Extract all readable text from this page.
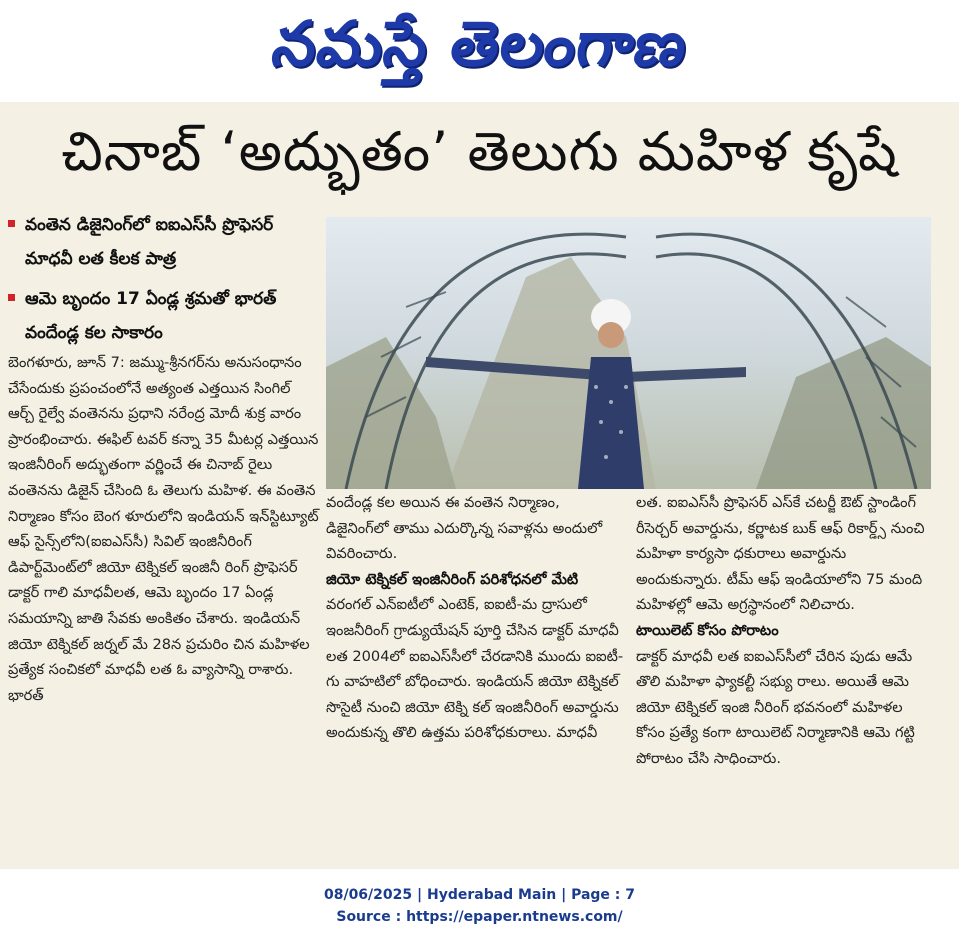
నమస్తే తెలంగాణ
చినాబ్ ‘అద్భుతం’ తెలుగు మహిళ కృషే
వంతెన డిజైనింగ్‌లో ఐఐఎస్‌సీ ప్రొఫెసర్ మాధవీ లత కీలక పాత్ర
ఆమె బృందం 17 ఏండ్ల శ్రమతో భారత్ వందేండ్ల కల సాకారం

బెంగళూరు, జూన్ 7: జమ్ము-శ్రీనగర్‌ను అనుసంధానం చేసేందుకు ప్రపంచంలోనే అత్యంత ఎత్తయిన సింగిల్ ఆర్చ్ రైల్వే వంతెనను ప్రధాని నరేంద్ర మోదీ శుక్ర వారం ప్రారంభించారు. ఈఫిల్ టవర్ కన్నా 35 మీటర్ల ఎత్తయిన ఇంజినీరింగ్ అద్భుతంగా వర్ణించే ఈ చినాబ్ రైలు వంతెనను డిజైన్ చేసింది ఓ తెలుగు మహిళ. ఈ వంతెన నిర్మాణం కోసం బెంగ ళూరులోని ఇండియన్ ఇన్‌స్టిట్యూట్ ఆఫ్ సైన్స్‌లోని(ఐఐఎస్‌సీ) సివిల్ ఇంజినీరింగ్ డిపార్ట్‌మెంట్‌లో జియో టెక్నికల్ ఇంజినీ రింగ్ ప్రొఫెసర్ డాక్టర్ గాలి మాధవీలత, ఆమె బృందం 17 ఏండ్ల సమయాన్ని జాతి సేవకు అంకితం చేశారు. ఇండియన్ జియో టెక్నికల్ జర్నల్ మే 28న ప్రచురిం చిన మహిళల ప్రత్యేక సంచికలో మాధవీ లత ఓ వ్యాసాన్ని రాశారు. భారత్

వందేండ్ల కల అయిన ఈ వంతెన నిర్మాణం, డిజైనింగ్‌లో తాము ఎదుర్కొన్న సవాళ్లను అందులో వివరించారు.

జియో టెక్నికల్ ఇంజినీరింగ్ పరిశోధనలో మేటి

వరంగల్ ఎన్ఐటీలో ఎంటెక్, ఐఐటీ-మ ద్రాసులో ఇంజనీరింగ్ గ్రాడ్యుయేషన్ పూర్తి చేసిన డాక్టర్ మాధవీ లత 2004లో ఐఐఎస్‌సీలో చేరడానికి ముందు ఐఐటీ-గు వాహటిలో బోధించారు. ఇండియన్ జియో టెక్నికల్ సొసైటీ నుంచి జియో టెక్ని కల్ ఇంజినీరింగ్ అవార్డును అందుకున్న తొలి ఉత్తమ పరిశోధకురాలు. మాధవీ

లత. ఐఐఎస్‌సీ ప్రొఫెసర్ ఎస్‌కే చటర్జీ ఔట్ స్టాండింగ్ రీసెర్చర్ అవార్డును, కర్ణాటక బుక్ ఆఫ్ రికార్డ్స్ నుంచి మహిళా కార్యసా ధకురాలు అవార్డును అందుకున్నారు. టీమ్ ఆఫ్ ఇండియాలోని 75 మంది మహిళల్లో ఆమె అగ్రస్థానంలో నిలిచారు.

టాయిలెట్ కోసం పోరాటం

డాక్టర్ మాధవీ లత ఐఐఎస్‌సీలో చేరిన పుడు ఆమే తొలి మహిళా ఫ్యాకల్టీ సభ్యు రాలు. అయితే ఆమె జియో టెక్నికల్ ఇంజి నీరింగ్ భవనంలో మహిళల కోసం ప్రత్యే కంగా టాయిలెట్ నిర్మాణానికి ఆమె గట్టి పోరాటం చేసి సాధించారు.

08/06/2025 | Hyderabad Main | Page : 7
Source : https://epaper.ntnews.com/
